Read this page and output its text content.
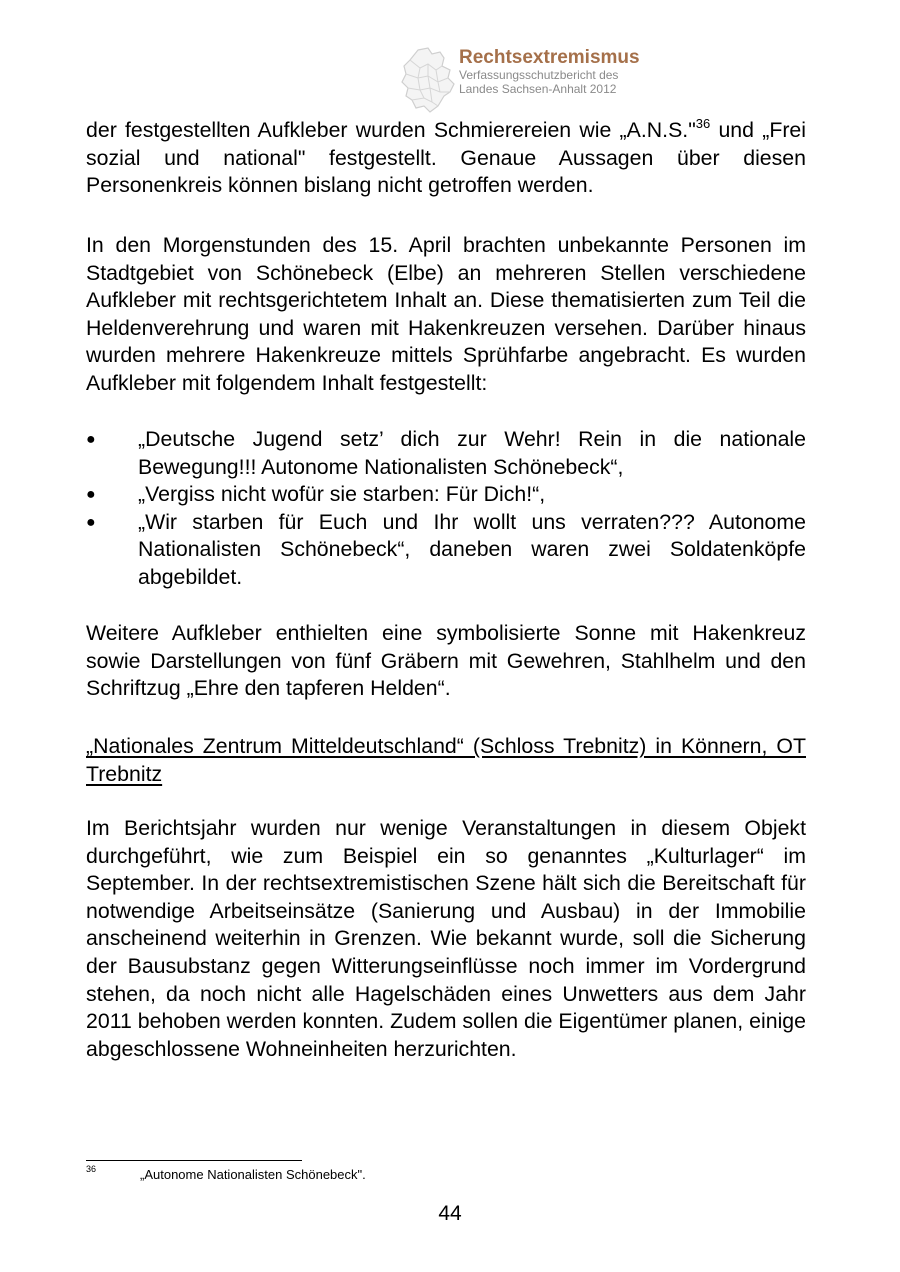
Rechtsextremismus
Verfassungsschutzbericht des
Landes Sachsen-Anhalt 2012

der festgestellten Aufkleber wurden Schmierereien wie „A.N.S."$^{36}$ und „Frei sozial und national" festgestellt. Genaue Aussagen über diesen Personenkreis können bislang nicht getroffen werden.

In den Morgenstunden des 15. April brachten unbekannte Personen im Stadtgebiet von Schönebeck (Elbe) an mehreren Stellen verschiedene Aufkleber mit rechtsgerichtetem Inhalt an. Diese thematisierten zum Teil die Heldenverehrung und waren mit Hakenkreuzen versehen. Darüber hinaus wurden mehrere Hakenkreuze mittels Sprühfarbe angebracht. Es wurden Aufkleber mit folgendem Inhalt festgestellt:

● „Deutsche Jugend setz’ dich zur Wehr! Rein in die nationale Bewegung!!! Autonome Nationalisten Schönebeck“,
● „Vergiss nicht wofür sie starben: Für Dich!“,
● „Wir starben für Euch und Ihr wollt uns verraten??? Autonome Nationalisten Schönebeck“, daneben waren zwei Soldatenköpfe abgebildet.

Weitere Aufkleber enthielten eine symbolisierte Sonne mit Hakenkreuz sowie Darstellungen von fünf Gräbern mit Gewehren, Stahlhelm und den Schriftzug „Ehre den tapferen Helden“.

„Nationales Zentrum Mitteldeutschland“ (Schloss Trebnitz) in Könnern, OT Trebnitz

Im Berichtsjahr wurden nur wenige Veranstaltungen in diesem Objekt durchgeführt, wie zum Beispiel ein so genanntes „Kulturlager“ im September. In der rechtsextremistischen Szene hält sich die Bereitschaft für notwendige Arbeitseinsätze (Sanierung und Ausbau) in der Immobilie anscheinend weiterhin in Grenzen. Wie bekannt wurde, soll die Sicherung der Bausubstanz gegen Witterungseinflüsse noch immer im Vordergrund stehen, da noch nicht alle Hagelschäden eines Unwetters aus dem Jahr 2011 behoben werden konnten. Zudem sollen die Eigentümer planen, einige abgeschlossene Wohneinheiten herzurichten.

36	„Autonome Nationalisten Schönebeck".
44
